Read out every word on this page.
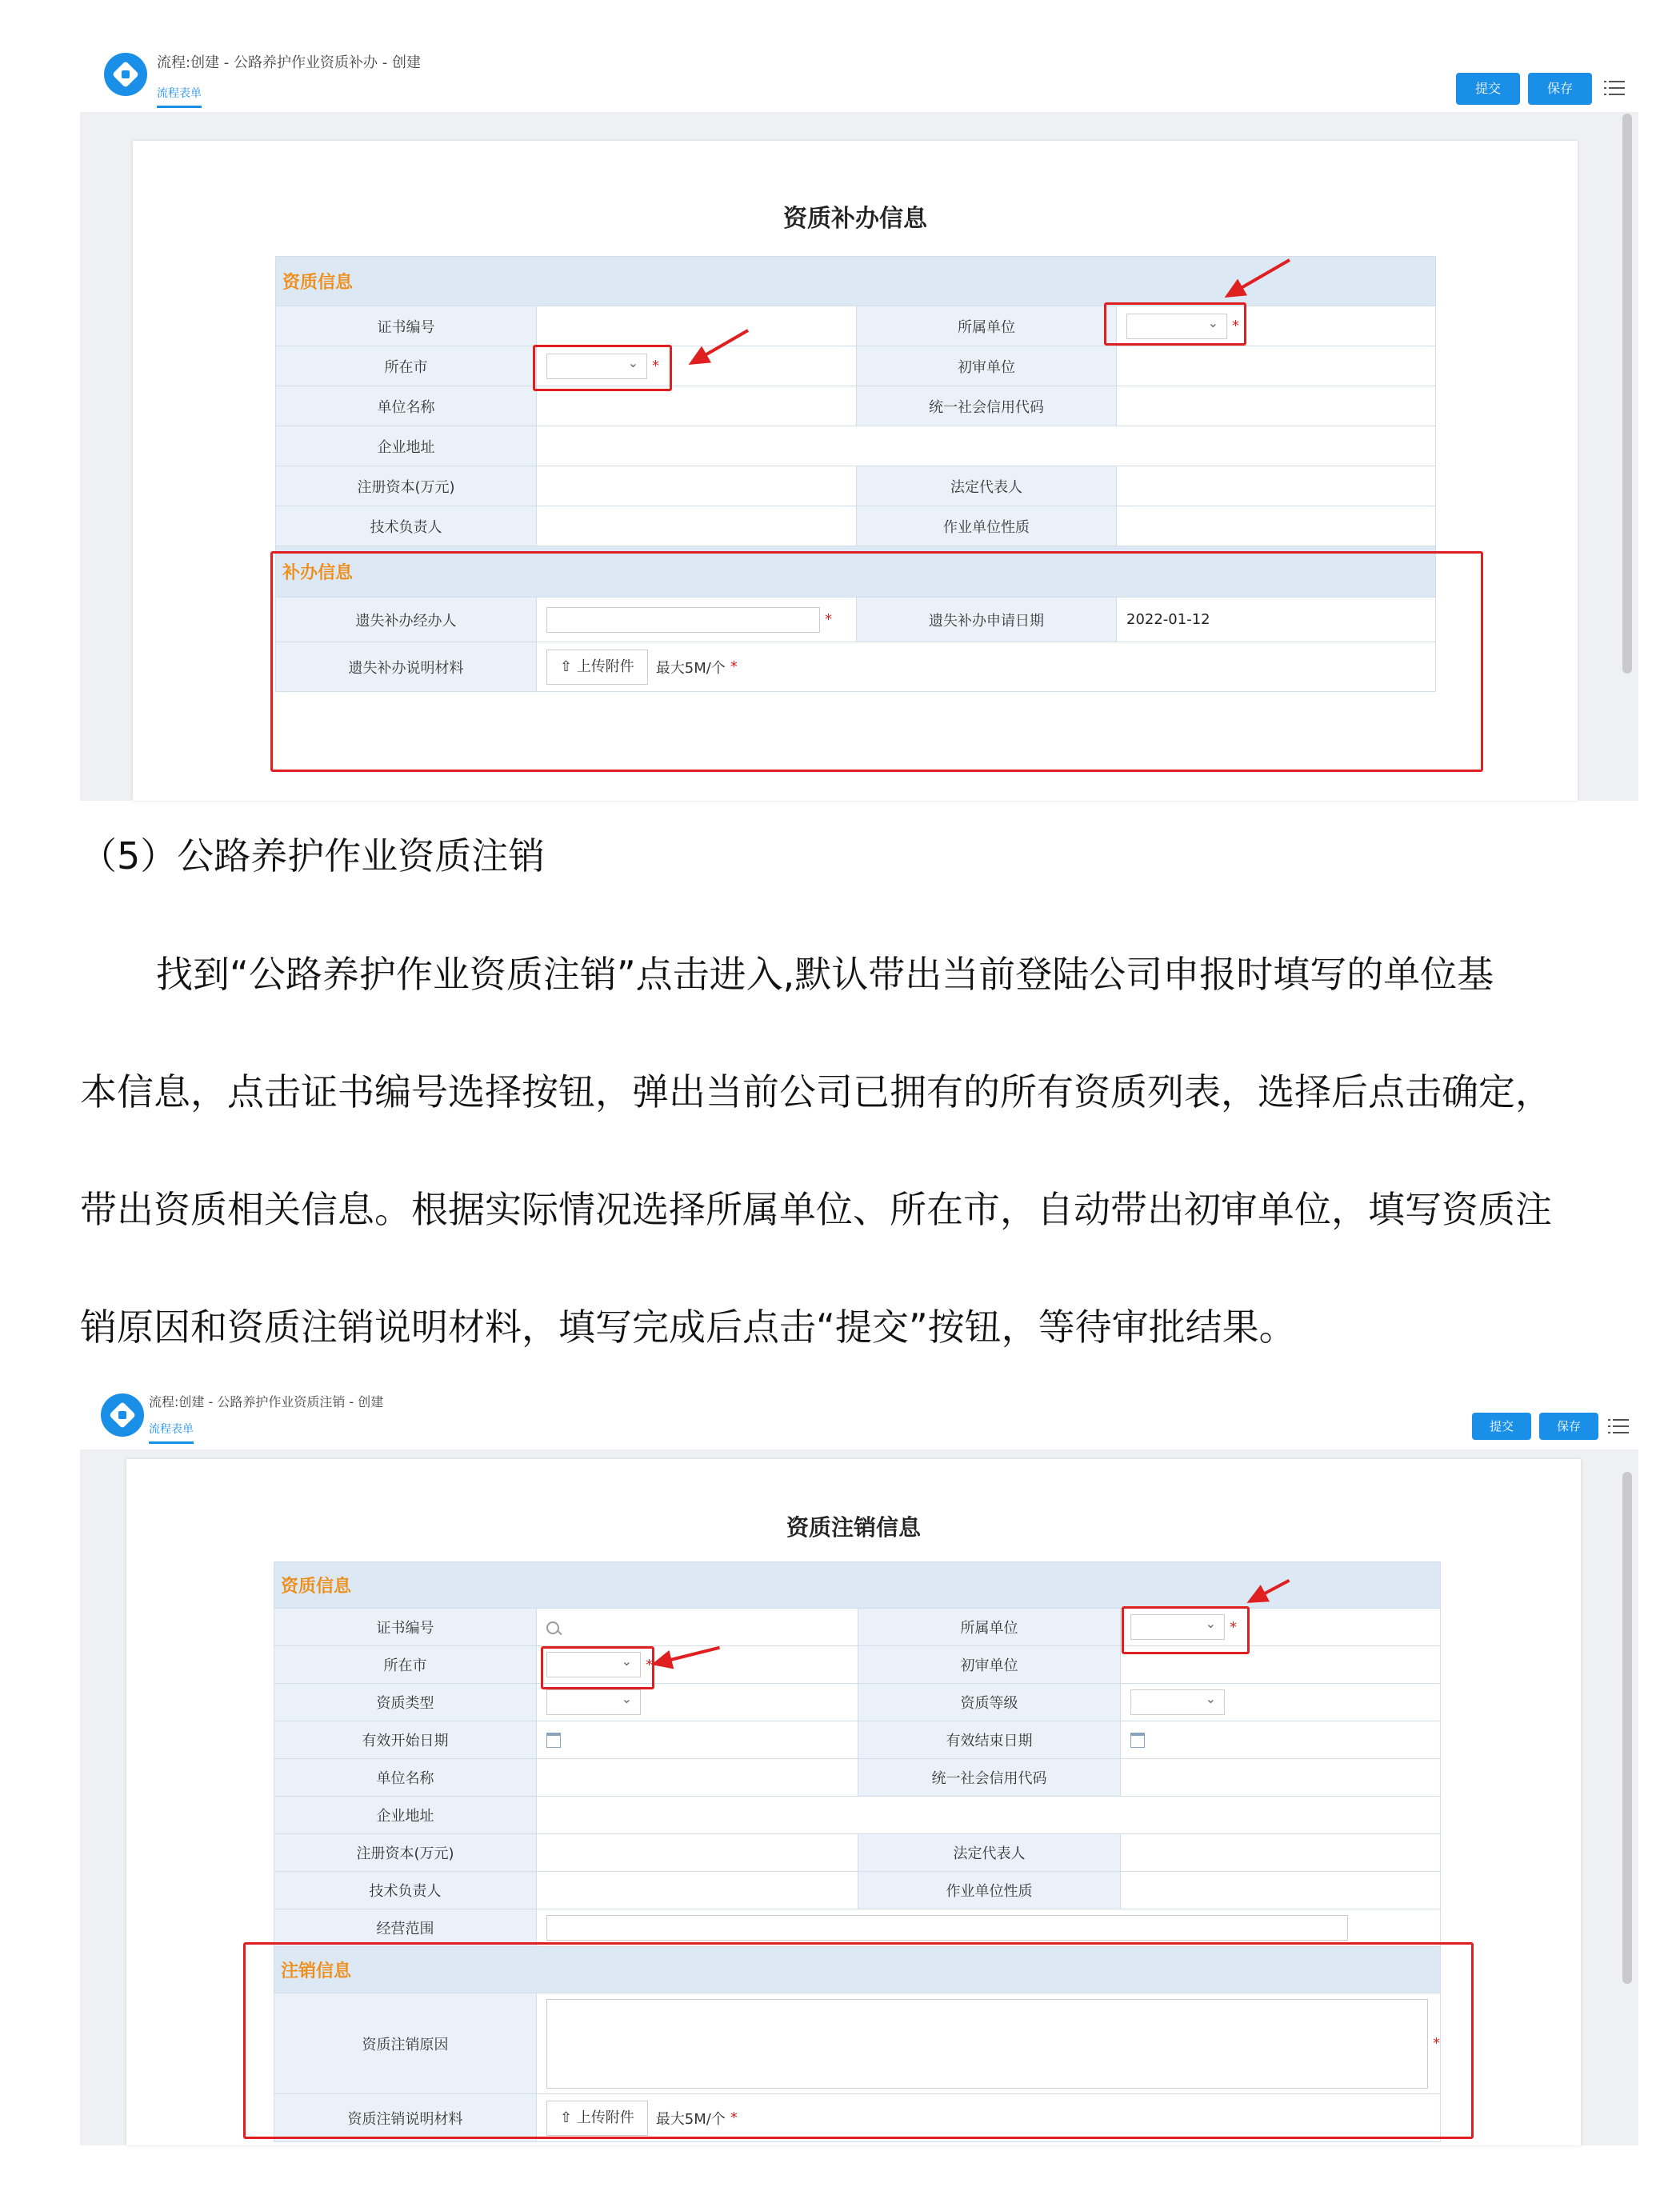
流程:创建 - 公路养护作业资质补办 - 创建
流程表单	提交	保存
资质补办信息
资质信息			
证书编号		所属单位	⌄*
所在市	⌄*	初审单位	
单位名称		统一社会信用代码	
企业地址			
注册资本(万元)		法定代表人	
技术负责人		作业单位性质	
补办信息			
遗失补办经办人	*	遗失补办申请日期	2022-01-12
遗失补办说明材料	⇧ 上传附件 最大5M/个 *		
（5）公路养护作业资质注销
找到“公路养护作业资质注销”点击进入,默认带出当前登陆公司申报时填写的单位基
本信息，点击证书编号选择按钮，弹出当前公司已拥有的所有资质列表，选择后点击确定，
带出资质相关信息。根据实际情况选择所属单位、所在市，自动带出初审单位，填写资质注
销原因和资质注销说明材料，填写完成后点击“提交”按钮，等待审批结果。
流程:创建 - 公路养护作业资质注销 - 创建
流程表单	提交	保存
资质注销信息
资质信息			
证书编号		所属单位	⌄*
所在市	⌄*	初审单位	
资质类型	⌄	资质等级	⌄
有效开始日期		有效结束日期	
单位名称		统一社会信用代码	
企业地址			
注册资本(万元)		法定代表人	
技术负责人		作业单位性质	
经营范围			
注销信息			
资质注销原因	*		
资质注销说明材料	⇧ 上传附件 最大5M/个 *		
